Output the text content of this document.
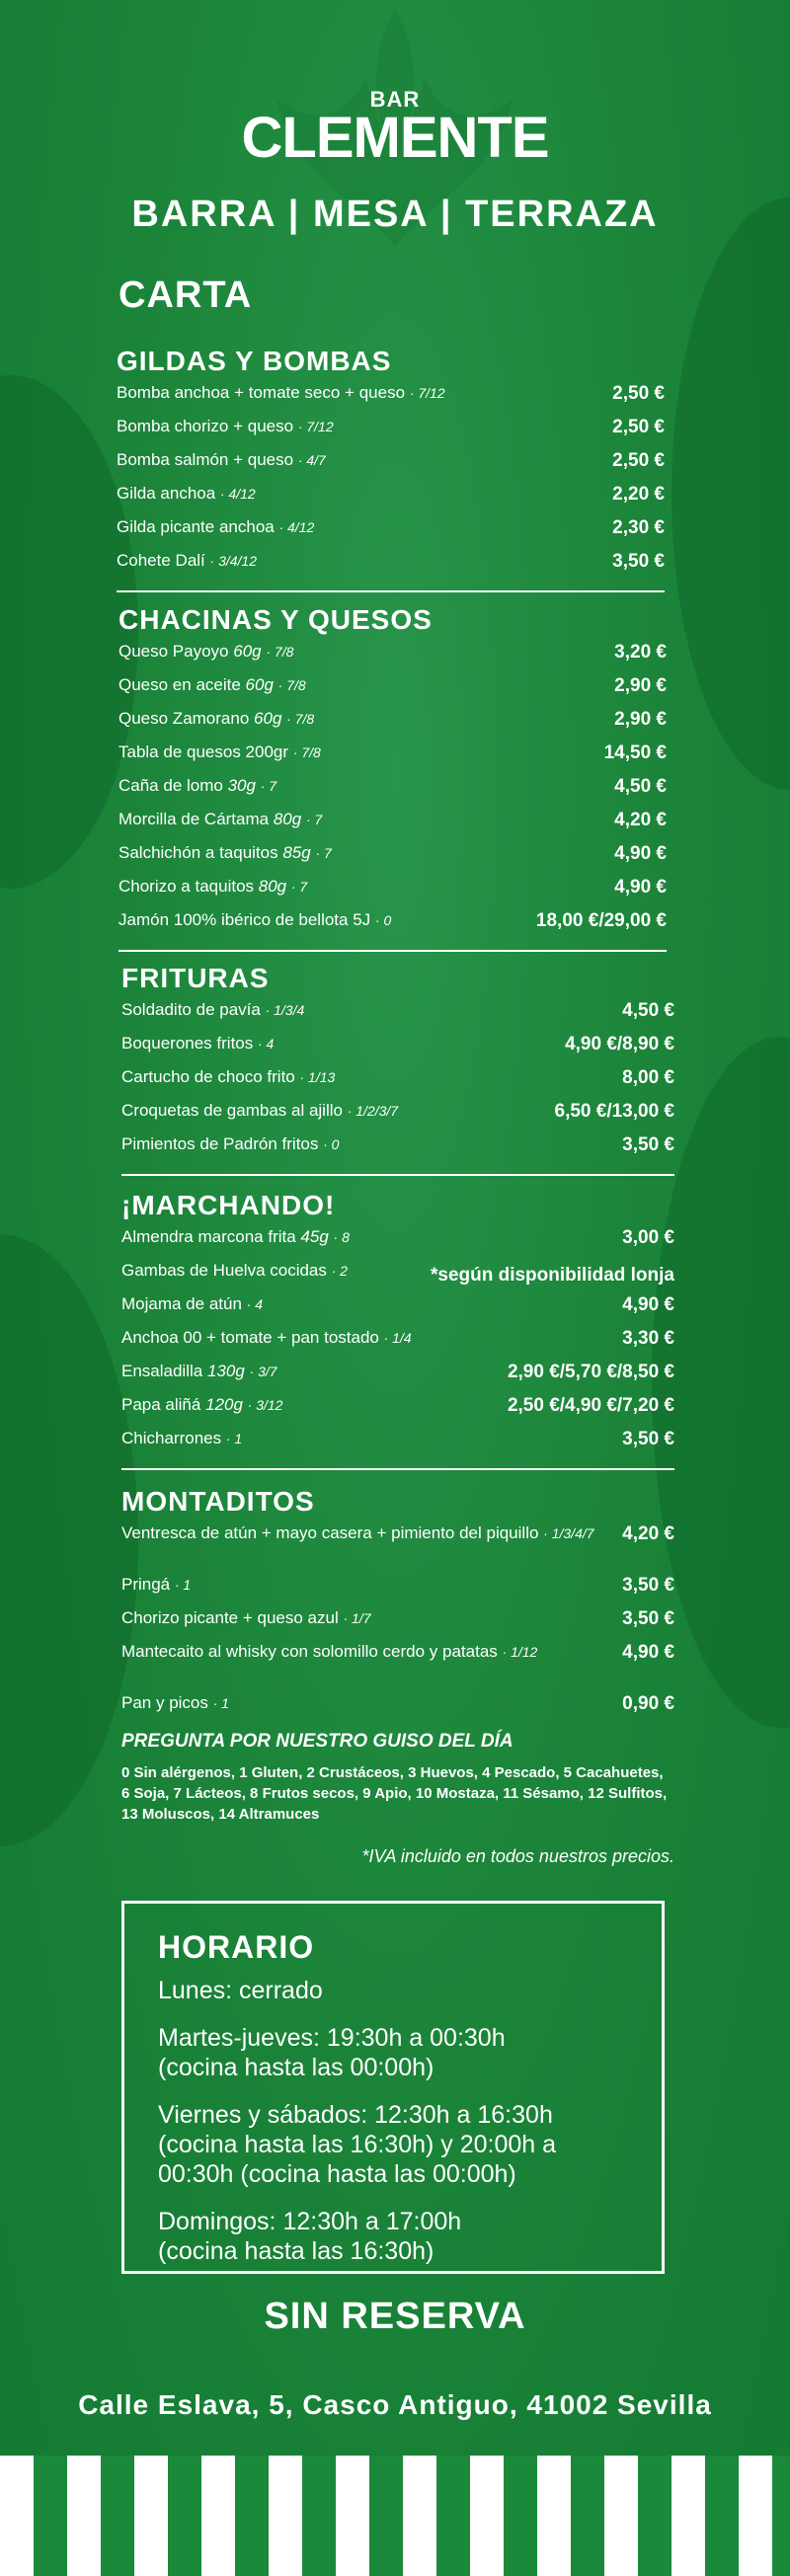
BAR
CLEMENTE
BARRA | MESA | TERRAZA
CARTA
GILDAS Y BOMBAS
Bomba anchoa + tomate seco + queso · 7/12	2,50 €
Bomba chorizo + queso · 7/12	2,50 €
Bomba salmón + queso · 4/7	2,50 €
Gilda anchoa · 4/12	2,20 €
Gilda picante anchoa · 4/12	2,30 €
Cohete Dalí · 3/4/12	3,50 €
CHACINAS Y QUESOS
Queso Payoyo 60g · 7/8	3,20 €
Queso en aceite 60g · 7/8	2,90 €
Queso Zamorano 60g · 7/8	2,90 €
Tabla de quesos 200gr · 7/8	14,50 €
Caña de lomo 30g · 7	4,50 €
Morcilla de Cártama 80g · 7	4,20 €
Salchichón a taquitos 85g · 7	4,90 €
Chorizo a taquitos 80g · 7	4,90 €
Jamón 100% ibérico de bellota 5J · 0	18,00 €/29,00 €
FRITURAS
Soldadito de pavía · 1/3/4	4,50 €
Boquerones fritos · 4	4,90 €/8,90 €
Cartucho de choco frito · 1/13	8,00 €
Croquetas de gambas al ajillo · 1/2/3/7	6,50 €/13,00 €
Pimientos de Padrón fritos · 0	3,50 €
¡MARCHANDO!
Almendra marcona frita 45g · 8	3,00 €
Gambas de Huelva cocidas · 2	*según disponibilidad lonja
Mojama de atún · 4	4,90 €
Anchoa 00 + tomate + pan tostado · 1/4	3,30 €
Ensaladilla 130g · 3/7	2,90 €/5,70 €/8,50 €
Papa aliñá 120g · 3/12	2,50 €/4,90 €/7,20 €
Chicharrones · 1	3,50 €
MONTADITOS
Ventresca de atún + mayo casera + pimiento del piquillo · 1/3/4/7	4,20 €
Pringá · 1	3,50 €
Chorizo picante + queso azul · 1/7	3,50 €
Mantecaito al whisky con solomillo cerdo y patatas · 1/12	4,90 €
Pan y picos · 1	0,90 €
PREGUNTA POR NUESTRO GUISO DEL DÍA
0 Sin alérgenos, 1 Gluten, 2 Crustáceos, 3 Huevos, 4 Pescado, 5 Cacahuetes, 6 Soja, 7 Lácteos, 8 Frutos secos, 9 Apio, 10 Mostaza, 11 Sésamo, 12 Sulfitos, 13 Moluscos, 14 Altramuces
*IVA incluido en todos nuestros precios.
HORARIO
Lunes: cerrado
Martes-jueves: 19:30h a 00:30h (cocina hasta las 00:00h)
Viernes y sábados: 12:30h a 16:30h (cocina hasta las 16:30h) y 20:00h a 00:30h (cocina hasta las 00:00h)
Domingos: 12:30h a 17:00h (cocina hasta las 16:30h)
SIN RESERVA
Calle Eslava, 5, Casco Antiguo, 41002 Sevilla
